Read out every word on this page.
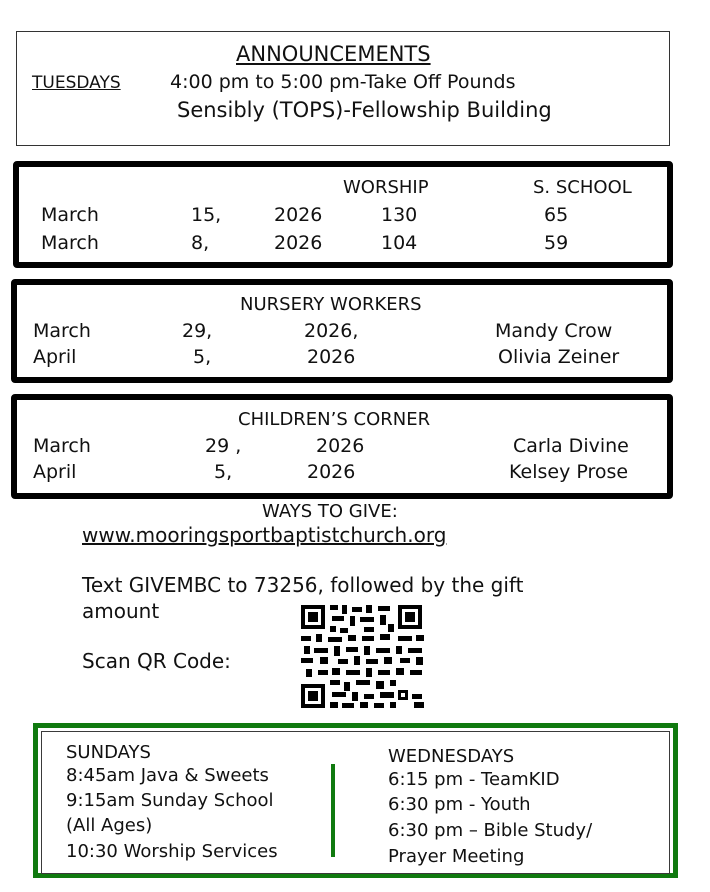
ANNOUNCEMENTS
TUESDAYS	4:00 pm to 5:00 pm-Take Off Pounds
Sensibly (TOPS)-Fellowship Building
WORSHIP	S. SCHOOL
March	15,	2026	130	65
March	8,	2026	104	59
NURSERY WORKERS
March	29,	2026,	Mandy Crow
April	5,	2026	Olivia Zeiner
CHILDREN’S CORNER
March	29 ,	2026	Carla Divine
April	5,	2026	Kelsey Prose
WAYS TO GIVE:
www.mooringsportbaptistchurch.org
Text GIVEMBC to 73256, followed by the gift
amount
Scan QR Code:
SUNDAYS
8:45am Java & Sweets
9:15am Sunday School
(All Ages)
10:30 Worship Services
WEDNESDAYS
6:15 pm - TeamKID
6:30 pm - Youth
6:30 pm – Bible Study/
Prayer Meeting
